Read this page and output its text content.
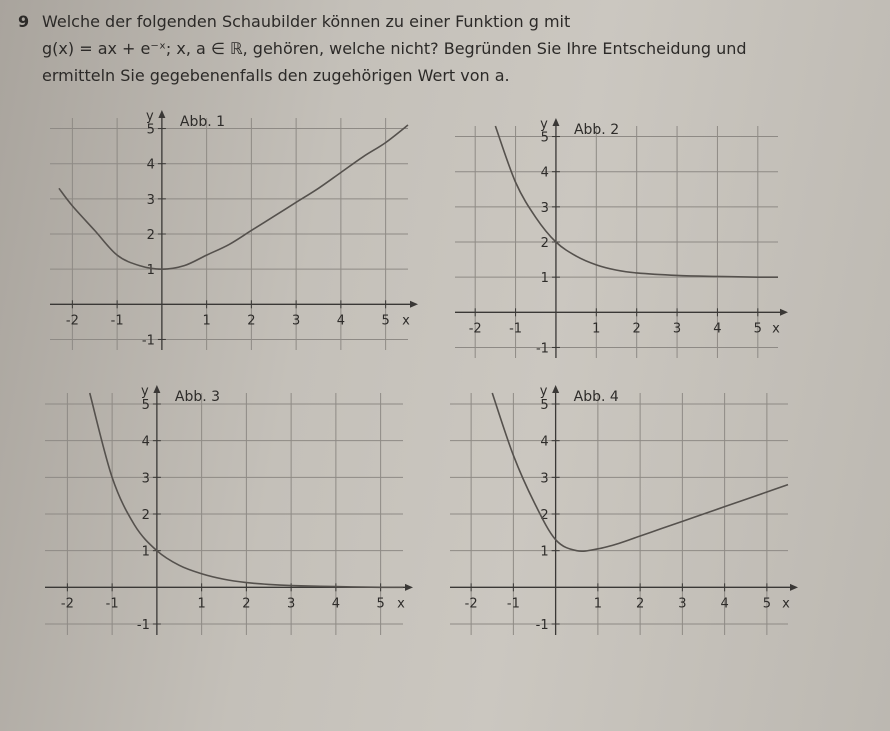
9 Welche der folgenden Schaubilder können zu einer Funktion g mit
g(x) = ax + e⁻ˣ; x, a ∈ ℝ, gehören, welche nicht? Begründen Sie Ihre Entscheidung und
ermitteln Sie gegebenenfalls den zugehörigen Wert von a.
-2 -1	1	2	3	4	5
-1
1
2
3
4
5
x
y Abb. 1
-2 -1	1 2 3 4 5
-1
1
2
3
4
5
x
y Abb. 2
-2 -1	1	2	3	4	5
-1
1
2
3
4
5
x
y Abb. 3
-2 -1	1	2	3	4	5
-1
1
2
3
4
5
x
y Abb. 4
